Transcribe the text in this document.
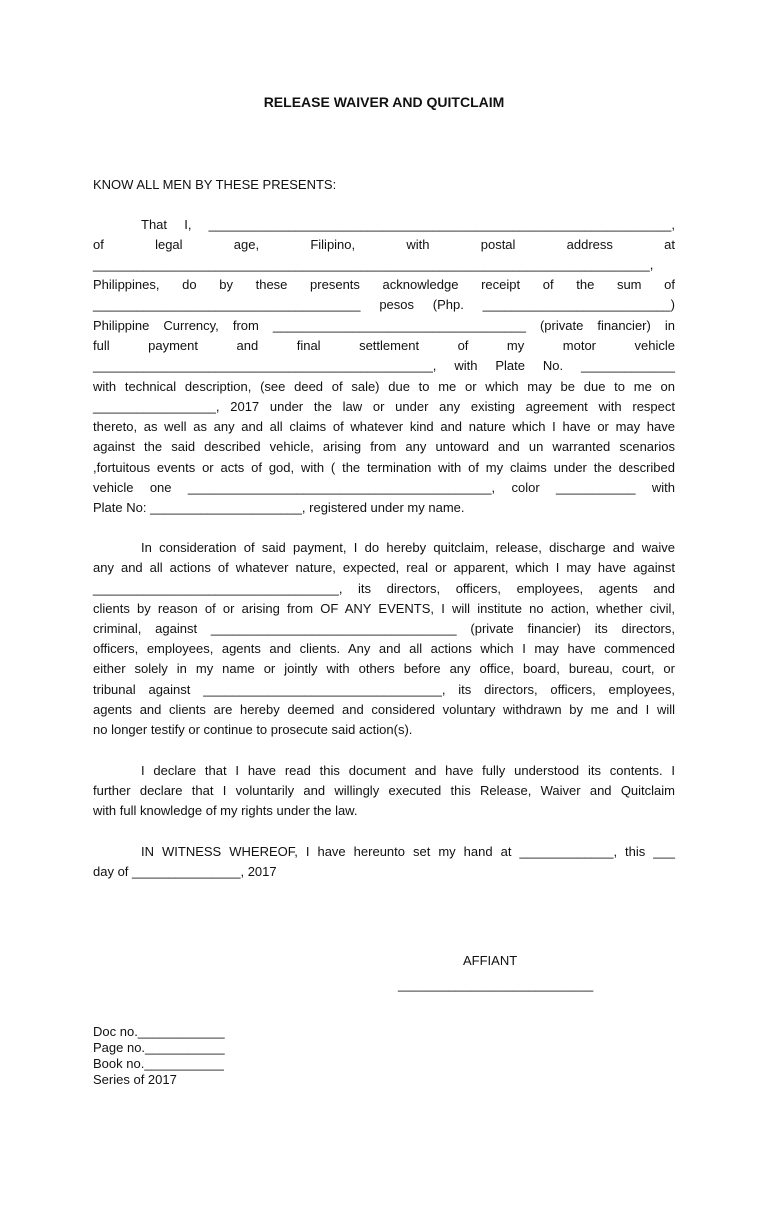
RELEASE WAIVER AND QUITCLAIM
KNOW ALL MEN BY THESE PRESENTS:
That I, ________________________________________________________________,
of legal age, Filipino, with postal address at
_____________________________________________________________________________,
Philippines, do by these presents acknowledge receipt of the sum of
_____________________________________ pesos (Php. __________________________)
Philippine Currency, from ___________________________________ (private financier) in
full payment and final settlement of my motor vehicle
_______________________________________________, with Plate No. _____________
with technical description, (see deed of sale) due to me or which may be due to me on
_________________, 2017 under the law or under any existing agreement with respect
thereto, as well as any and all claims of whatever kind and nature which I have or may have
against the said described vehicle, arising from any untoward and un warranted scenarios
,fortuitous events or acts of god, with ( the termination with of my claims under the described
vehicle one __________________________________________, color ___________ with
Plate No: _____________________, registered under my name.
In consideration of said payment, I do hereby quitclaim, release, discharge and waive
any and all actions of whatever nature, expected, real or apparent, which I may have against
__________________________________, its directors, officers, employees, agents and
clients by reason of or arising from OF ANY EVENTS, I will institute no action, whether civil,
criminal, against __________________________________ (private financier) its directors,
officers, employees, agents and clients. Any and all actions which I may have commenced
either solely in my name or jointly with others before any office, board, bureau, court, or
tribunal against _________________________________, its directors, officers, employees,
agents and clients are hereby deemed and considered voluntary withdrawn by me and I will
no longer testify or continue to prosecute said action(s).
I declare that I have read this document and have fully understood its contents. I
further declare that I voluntarily and willingly executed this Release, Waiver and Quitclaim
with full knowledge of my rights under the law.
IN WITNESS WHEREOF, I have hereunto set my hand at _____________, this ___
day of _______________, 2017
AFFIANT
___________________________
Doc no.____________
Page no.___________
Book no.___________
Series of 2017
